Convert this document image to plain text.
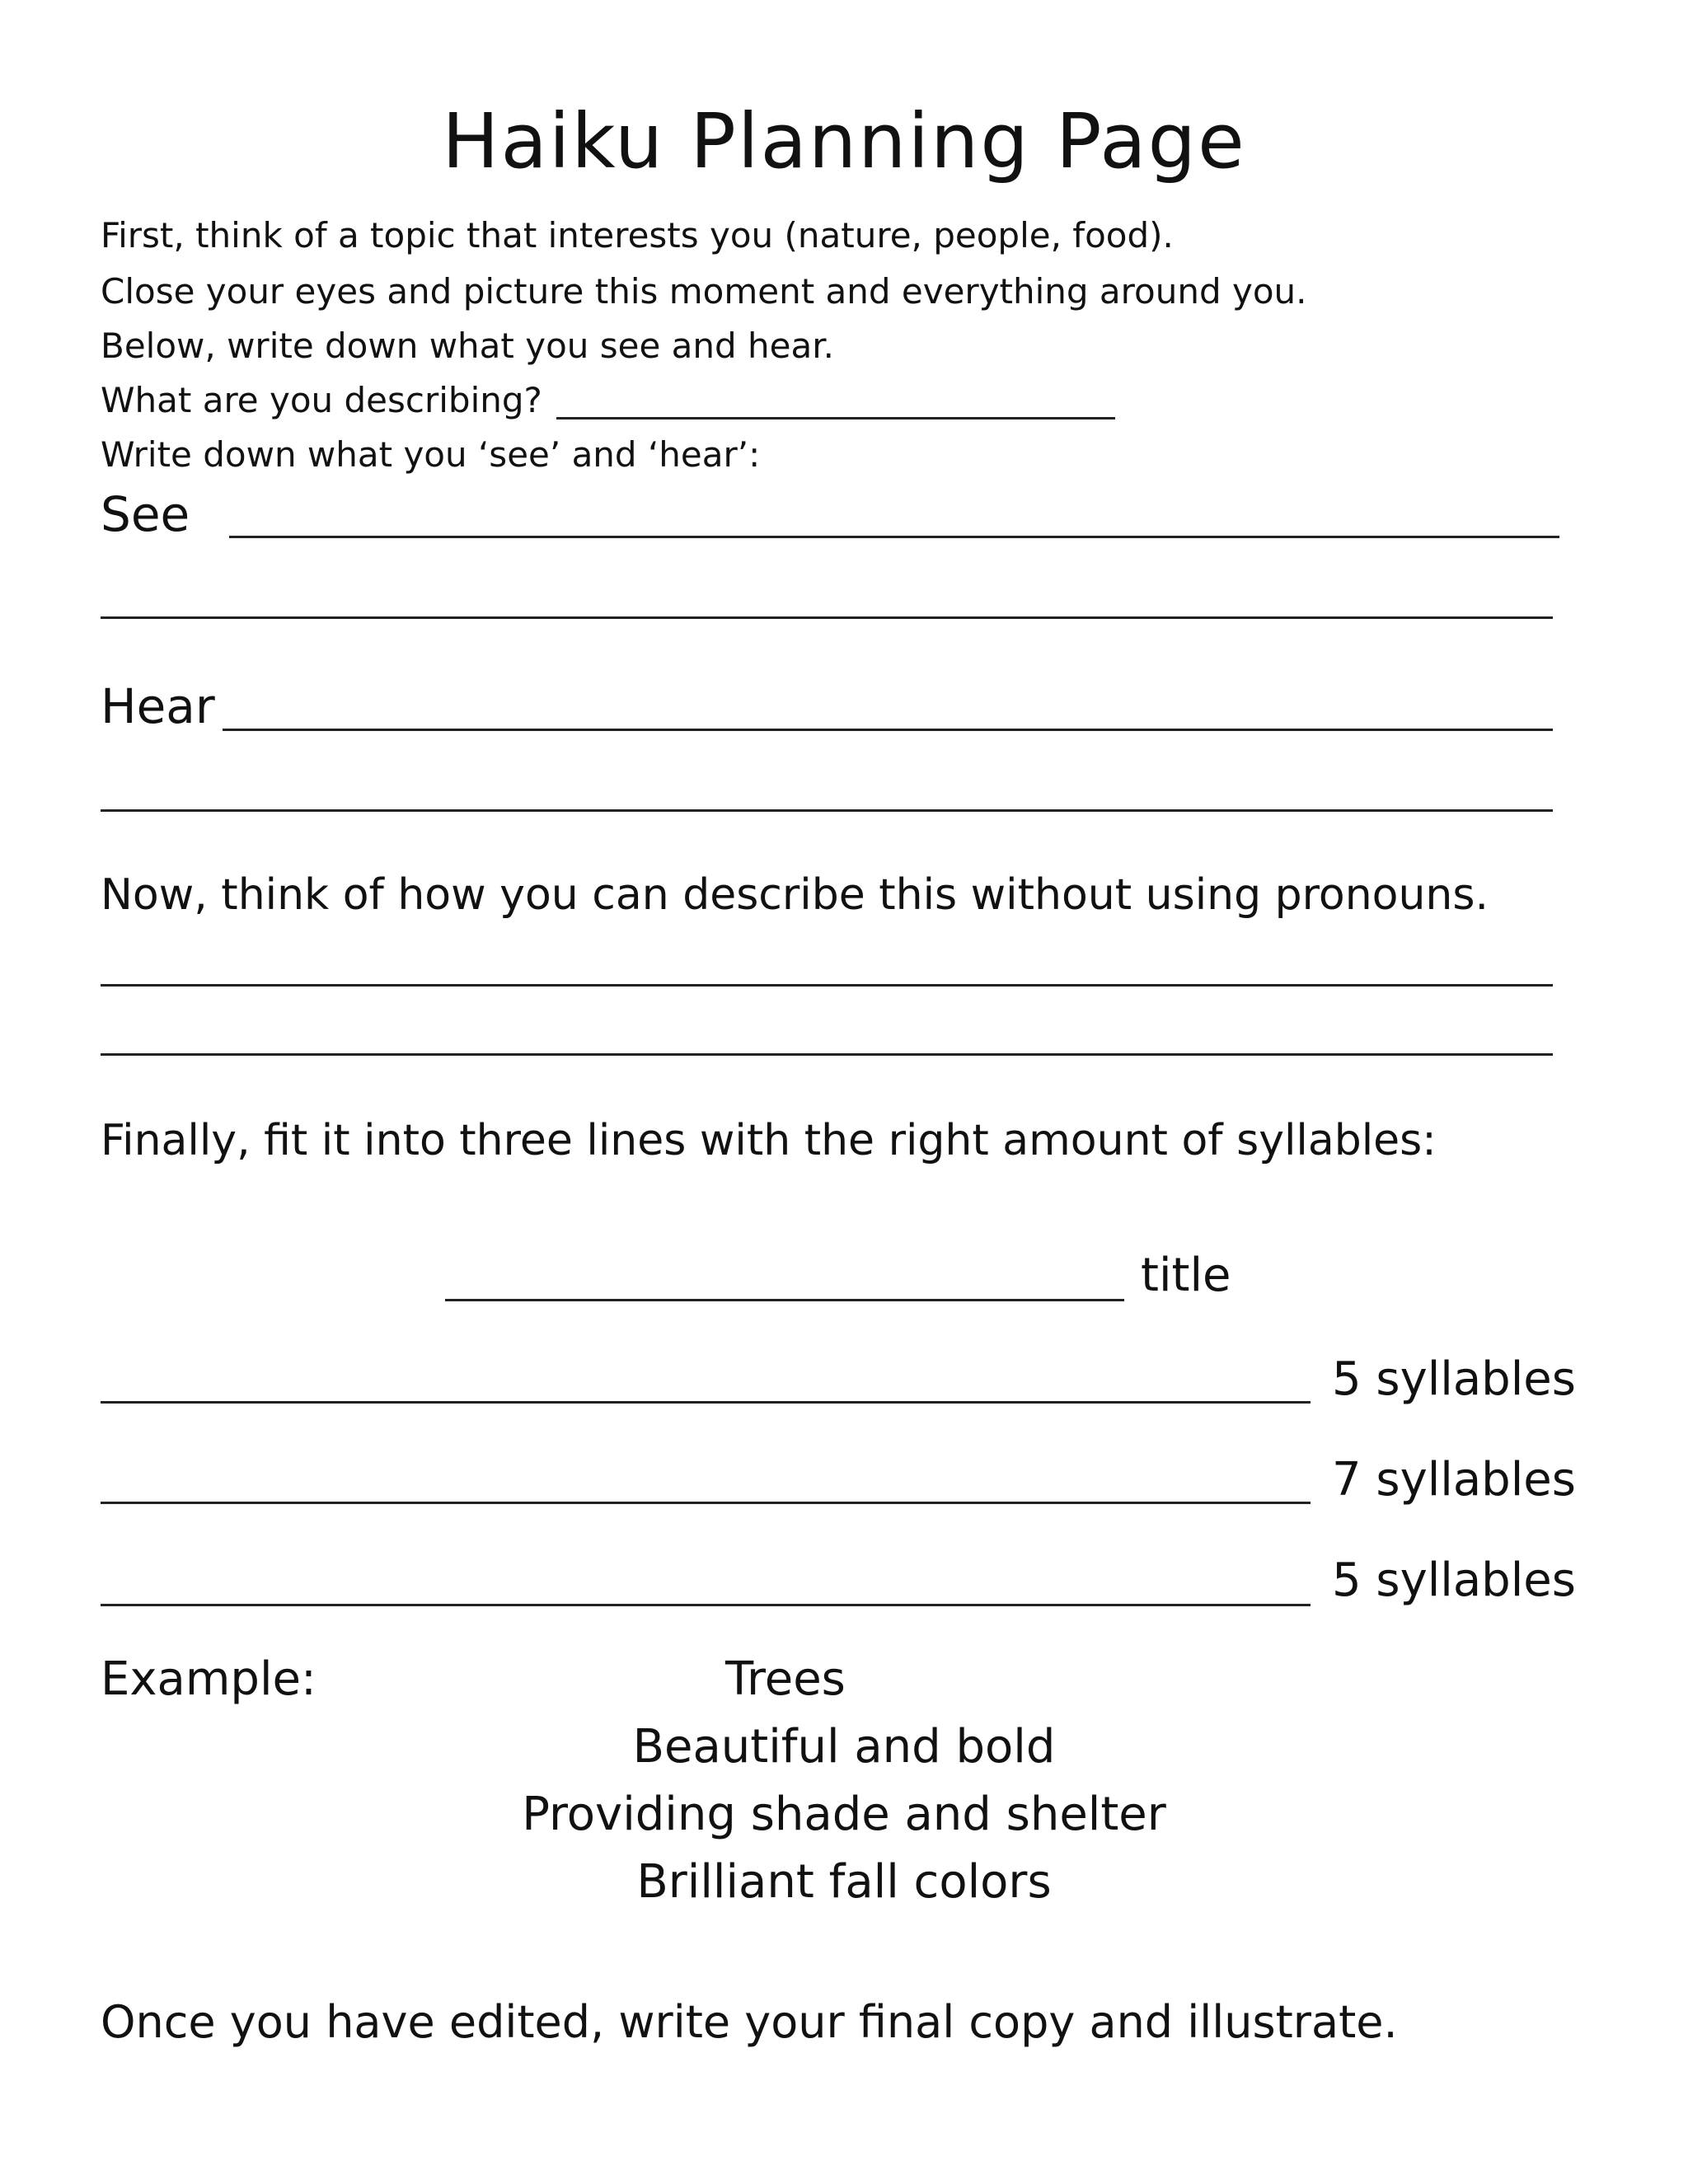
Haiku Planning Page
First, think of a topic that interests you (nature, people, food).
Close your eyes and picture this moment and everything around you.
Below, write down what you see and hear.
What are you describing?
Write down what you ‘see’ and ‘hear’:
See
Hear
Now, think of how you can describe this without using pronouns.
Finally, fit it into three lines with the right amount of syllables:
title
5 syllables
7 syllables
5 syllables
Example:	Trees
Beautiful and bold
Providing shade and shelter
Brilliant fall colors
Once you have edited, write your final copy and illustrate.
